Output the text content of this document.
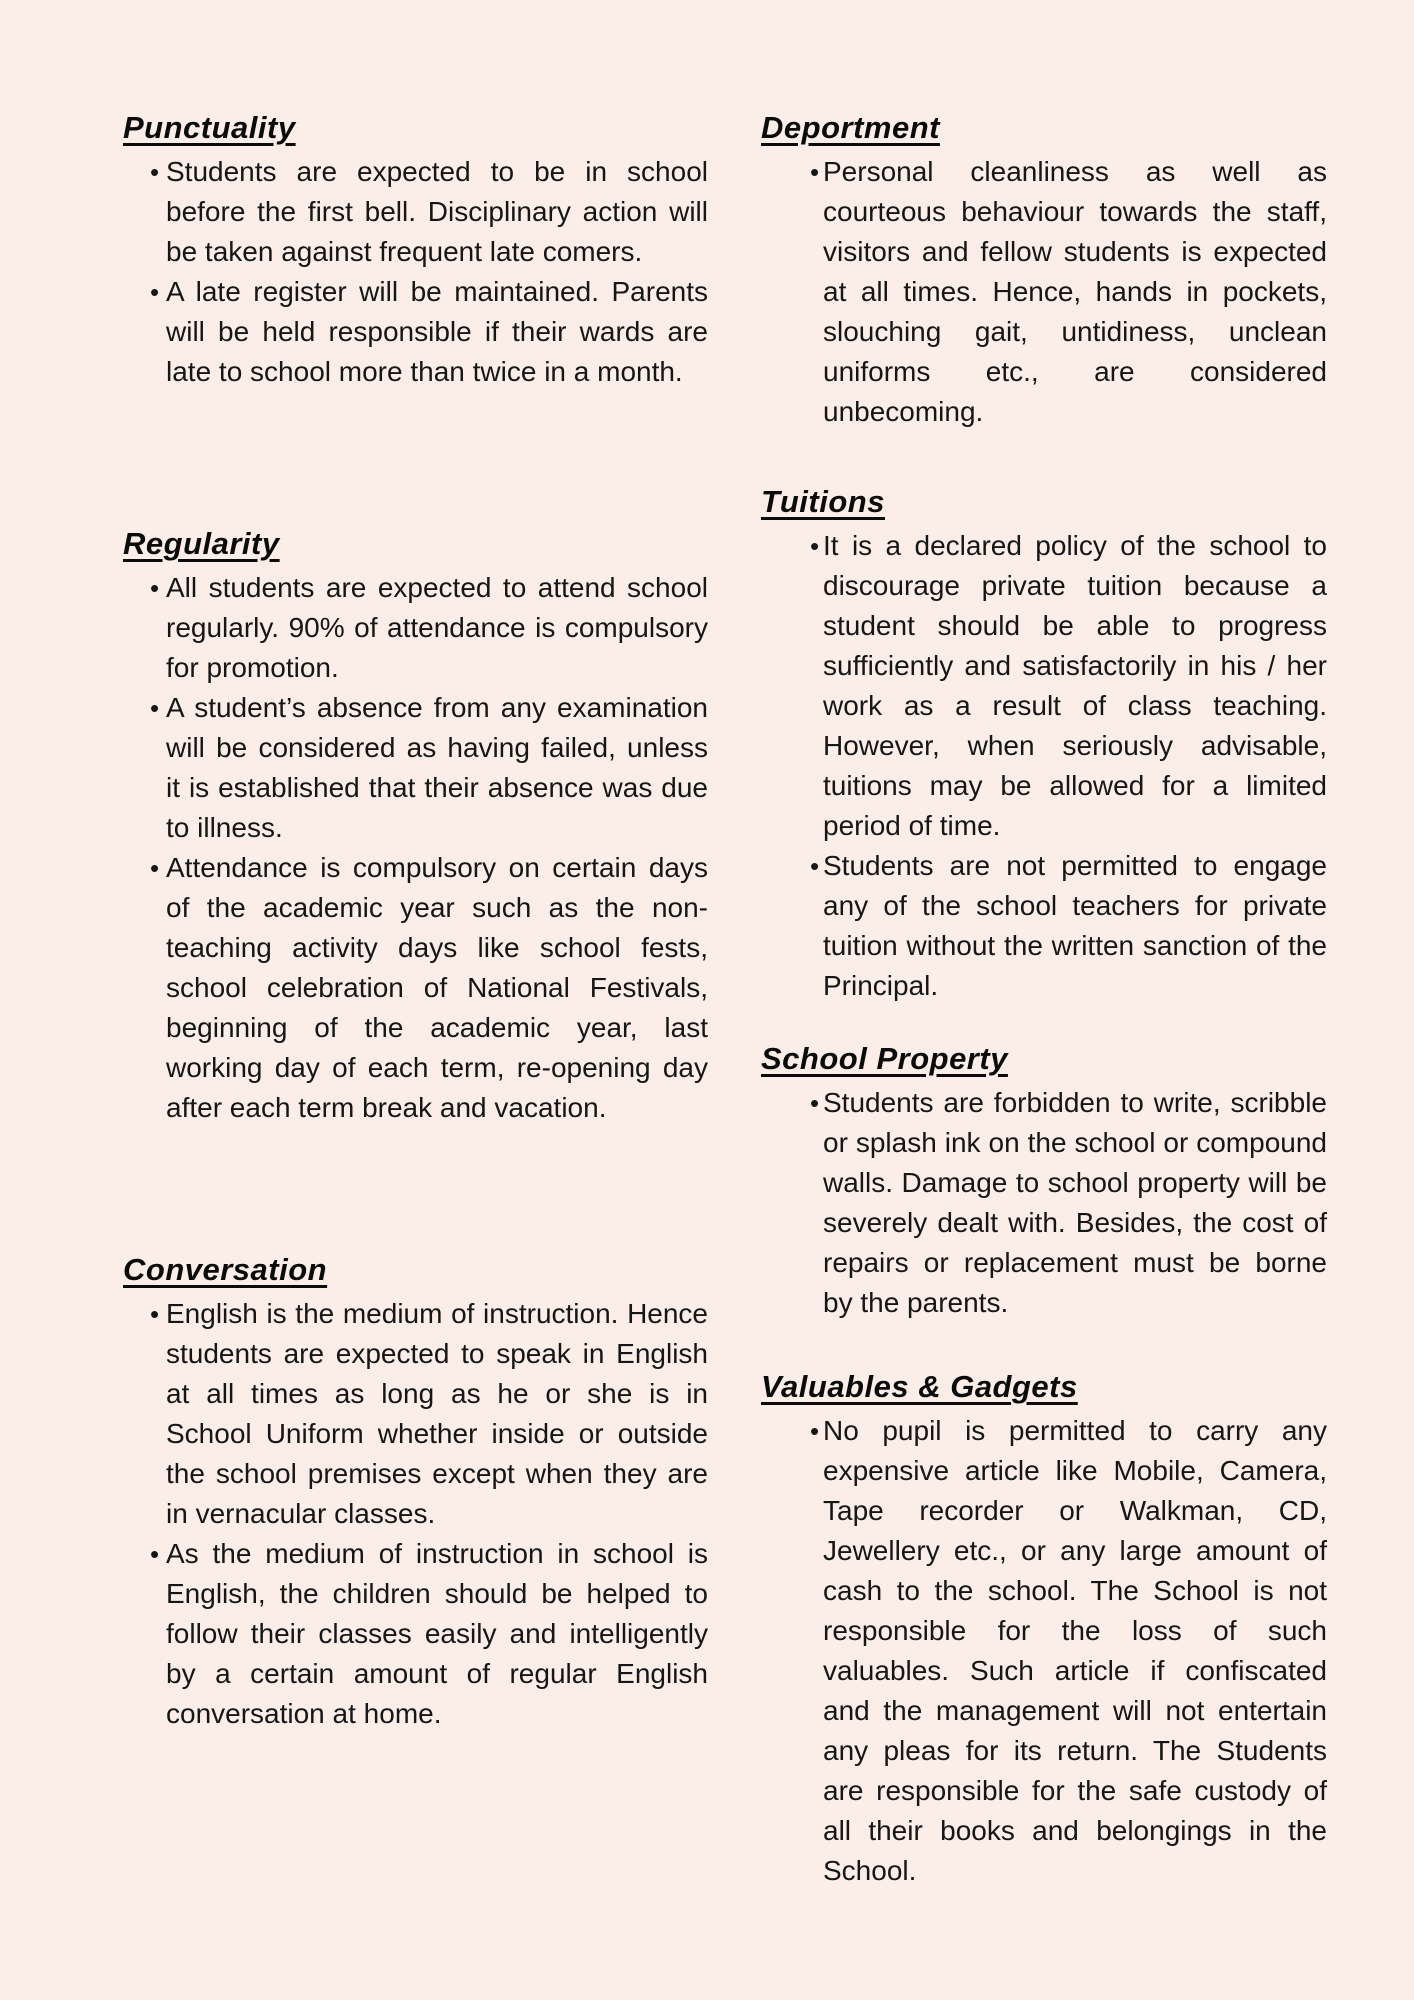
Punctuality
•
Students are expected to be in school before the first bell. Disciplinary action will be taken against frequent late comers.
•
A late register will be maintained. Parents will be held responsible if their wards are late to school more than twice in a month.
Regularity
•
All students are expected to attend school regularly. 90% of attendance is compulsory for promotion.
•
A student’s absence from any examination will be considered as having failed, unless it is established that their absence was due to illness.
•
Attendance is compulsory on certain days of the academic year such as the non-teaching activity days like school fests, school celebration of National Festivals, beginning of the academic year, last working day of each term, re-opening day after each term break and vacation.
Conversation
•
English is the medium of instruction. Hence students are expected to speak in English at all times as long as he or she is in School Uniform whether inside or outside the school premises except when they are in vernacular classes.
•
As the medium of instruction in school is English, the children should be helped to follow their classes easily and intelligently by a certain amount of regular English conversation at home.
Deportment
•
Personal cleanliness as well as courteous behaviour towards the staff, visitors and fellow students is expected at all times. Hence, hands in pockets, slouching gait, untidiness, unclean uniforms etc., are considered unbecoming.
Tuitions
•
It is a declared policy of the school to discourage private tuition because a student should be able to progress sufficiently and satisfactorily in his / her work as a result of class teaching. However, when seriously advisable, tuitions may be allowed for a limited period of time.
•
Students are not permitted to engage any of the school teachers for private tuition without the written sanction of the Principal.
School Property
•
Students are forbidden to write, scribble or splash ink on the school or compound walls. Damage to school property will be severely dealt with. Besides, the cost of repairs or replacement must be borne by the parents.
Valuables & Gadgets
•
No pupil is permitted to carry any expensive article like Mobile, Camera, Tape recorder or Walkman, CD, Jewellery etc., or any large amount of cash to the school. The School is not responsible for the loss of such valuables. Such article if confiscated and the management will not entertain any pleas for its return. The Students are responsible for the safe custody of all their books and belongings in the School.
